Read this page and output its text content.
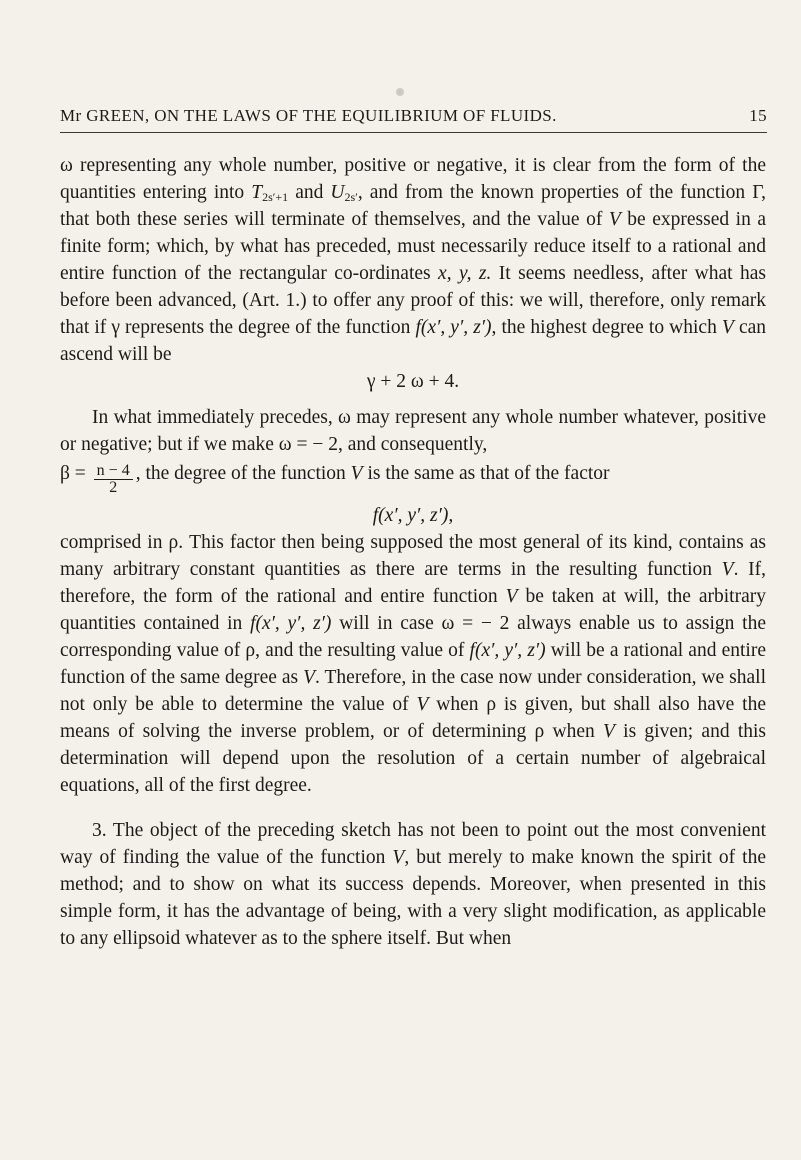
Mr GREEN, ON THE LAWS OF THE EQUILIBRIUM OF FLUIDS.	15

ω representing any whole number, positive or negative, it is clear from the form of the quantities entering into $T_{2s'+1}$ and $U_{2s'}$, and from the known properties of the function Γ, that both these series will terminate of themselves, and the value of V be expressed in a finite form; which, by what has preceded, must necessarily reduce itself to a rational and entire function of the rectangular co-ordinates x, y, z. It seems needless, after what has before been advanced, (Art. 1.) to offer any proof of this: we will, therefore, only remark that if γ represents the degree of the function f(x′, y′, z′), the highest degree to which V can ascend will be

γ + 2 ω + 4.

In what immediately precedes, ω may represent any whole number whatever, positive or negative; but if we make ω = − 2, and consequently,

$\beta = \frac{n - 4}{2}$ , the degree of the function V is the same as that of the factor

f(x′, y′, z′),

comprised in ρ. This factor then being supposed the most general of its kind, contains as many arbitrary constant quantities as there are terms in the resulting function V. If, therefore, the form of the rational and entire function V be taken at will, the arbitrary quantities contained in f(x′, y′, z′) will in case ω = − 2 always enable us to assign the corresponding value of ρ, and the resulting value of f(x′, y′, z′) will be a rational and entire function of the same degree as V. Therefore, in the case now under consideration, we shall not only be able to determine the value of V when ρ is given, but shall also have the means of solving the inverse problem, or of determining ρ when V is given; and this determination will depend upon the resolution of a certain number of algebraical equations, all of the first degree.

3. The object of the preceding sketch has not been to point out the most convenient way of finding the value of the function V, but merely to make known the spirit of the method; and to show on what its success depends. Moreover, when presented in this simple form, it has the advantage of being, with a very slight modification, as applicable to any ellipsoid whatever as to the sphere itself. But when
